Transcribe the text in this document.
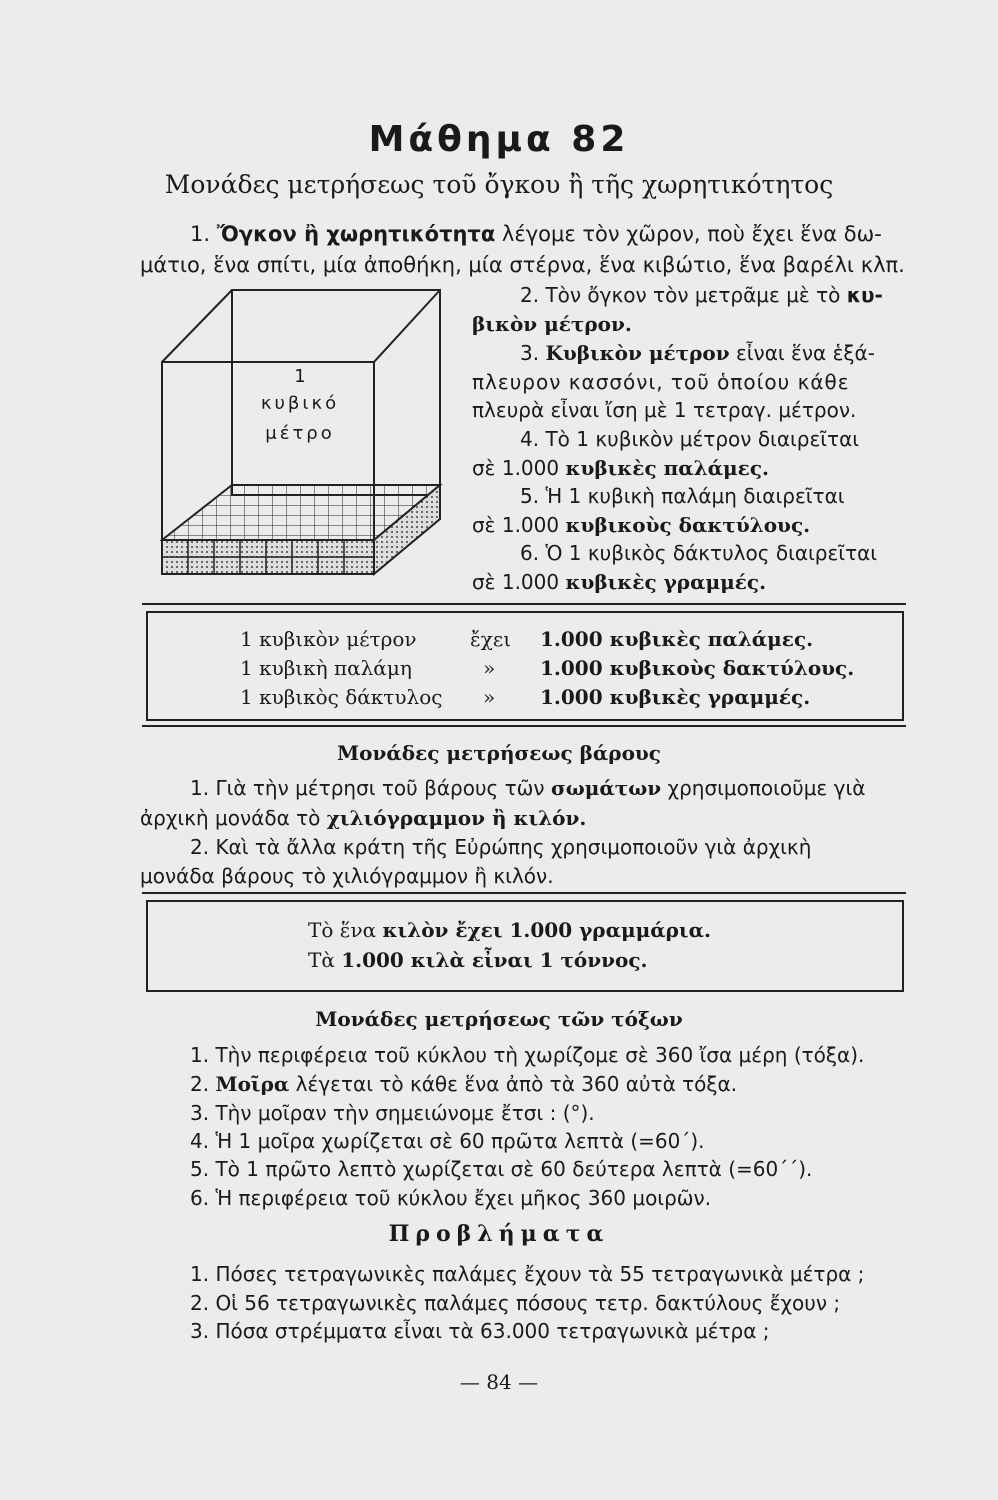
Μάθημα 82
Μονάδες μετρήσεως τοῦ ὄγκου ἢ τῆς χωρητικότητος
1. Ὄγκον ἢ χωρητικότητα λέγομε τὸν χῶρον, ποὺ ἔχει ἕνα δω-
μάτιο, ἕνα σπίτι, μία ἀποθήκη, μία στέρνα, ἕνα κιβώτιο, ἕνα βαρέλι κλπ.
1
κυβικό
μέτρο
2. Τὸν ὄγκον τὸν μετρᾶμε μὲ τὸ κυ-
βικὸν μέτρον.
3. Κυβικὸν μέτρον εἶναι ἕνα ἑξά-
πλευρον κασσόνι, τοῦ ὁποίου κάθε
πλευρὰ εἶναι ἴση μὲ 1 τετραγ. μέτρον.
4. Τὸ 1 κυβικὸν μέτρον διαιρεῖται
σὲ 1.000 κυβικὲς παλάμες.
5. Ἡ 1 κυβικὴ παλάμη διαιρεῖται
σὲ 1.000 κυβικοὺς δακτύλους.
6. Ὁ 1 κυβικὸς δάκτυλος διαιρεῖται
σὲ 1.000 κυβικὲς γραμμές.
1 κυβικὸν μέτρον	ἔχει 1.000 κυβικὲς παλάμες.
1 κυβικὴ παλάμη	» 1.000 κυβικοὺς δακτύλους.
1 κυβικὸς δάκτυλος » 1.000 κυβικὲς γραμμές.
Μονάδες μετρήσεως βάρους
1. Γιὰ τὴν μέτρησι τοῦ βάρους τῶν σωμάτων χρησιμοποιοῦμε γιὰ
ἀρχικὴ μονάδα τὸ χιλιόγραμμον ἢ κιλόν.
2. Καὶ τὰ ἄλλα κράτη τῆς Εὐρώπης χρησιμοποιοῦν γιὰ ἀρχικὴ
μονάδα βάρους τὸ χιλιόγραμμον ἢ κιλόν.
Τὸ ἕνα κιλὸν ἔχει 1.000 γραμμάρια.
Τὰ 1.000 κιλὰ εἶναι 1 τόννος.
Μονάδες μετρήσεως τῶν τόξων
1. Τὴν περιφέρεια τοῦ κύκλου τὴ χωρίζομε σὲ 360 ἴσα μέρη (τόξα).
2. Μοῖρα λέγεται τὸ κάθε ἕνα ἀπὸ τὰ 360 αὐτὰ τόξα.
3. Τὴν μοῖραν τὴν σημειώνομε ἔτσι : (°).
4. Ἡ 1 μοῖρα χωρίζεται σὲ 60 πρῶτα λεπτὰ (=60΄).
5. Τὸ 1 πρῶτο λεπτὸ χωρίζεται σὲ 60 δεύτερα λεπτὰ (=60΄΄).
6. Ἡ περιφέρεια τοῦ κύκλου ἔχει μῆκος 360 μοιρῶν.
Προβλήματα
1. Πόσες τετραγωνικὲς παλάμες ἔχουν τὰ 55 τετραγωνικὰ μέτρα ;
2. Οἱ 56 τετραγωνικὲς παλάμες πόσους τετρ. δακτύλους ἔχουν ;
3. Πόσα στρέμματα εἶναι τὰ 63.000 τετραγωνικὰ μέτρα ;
— 84 —
